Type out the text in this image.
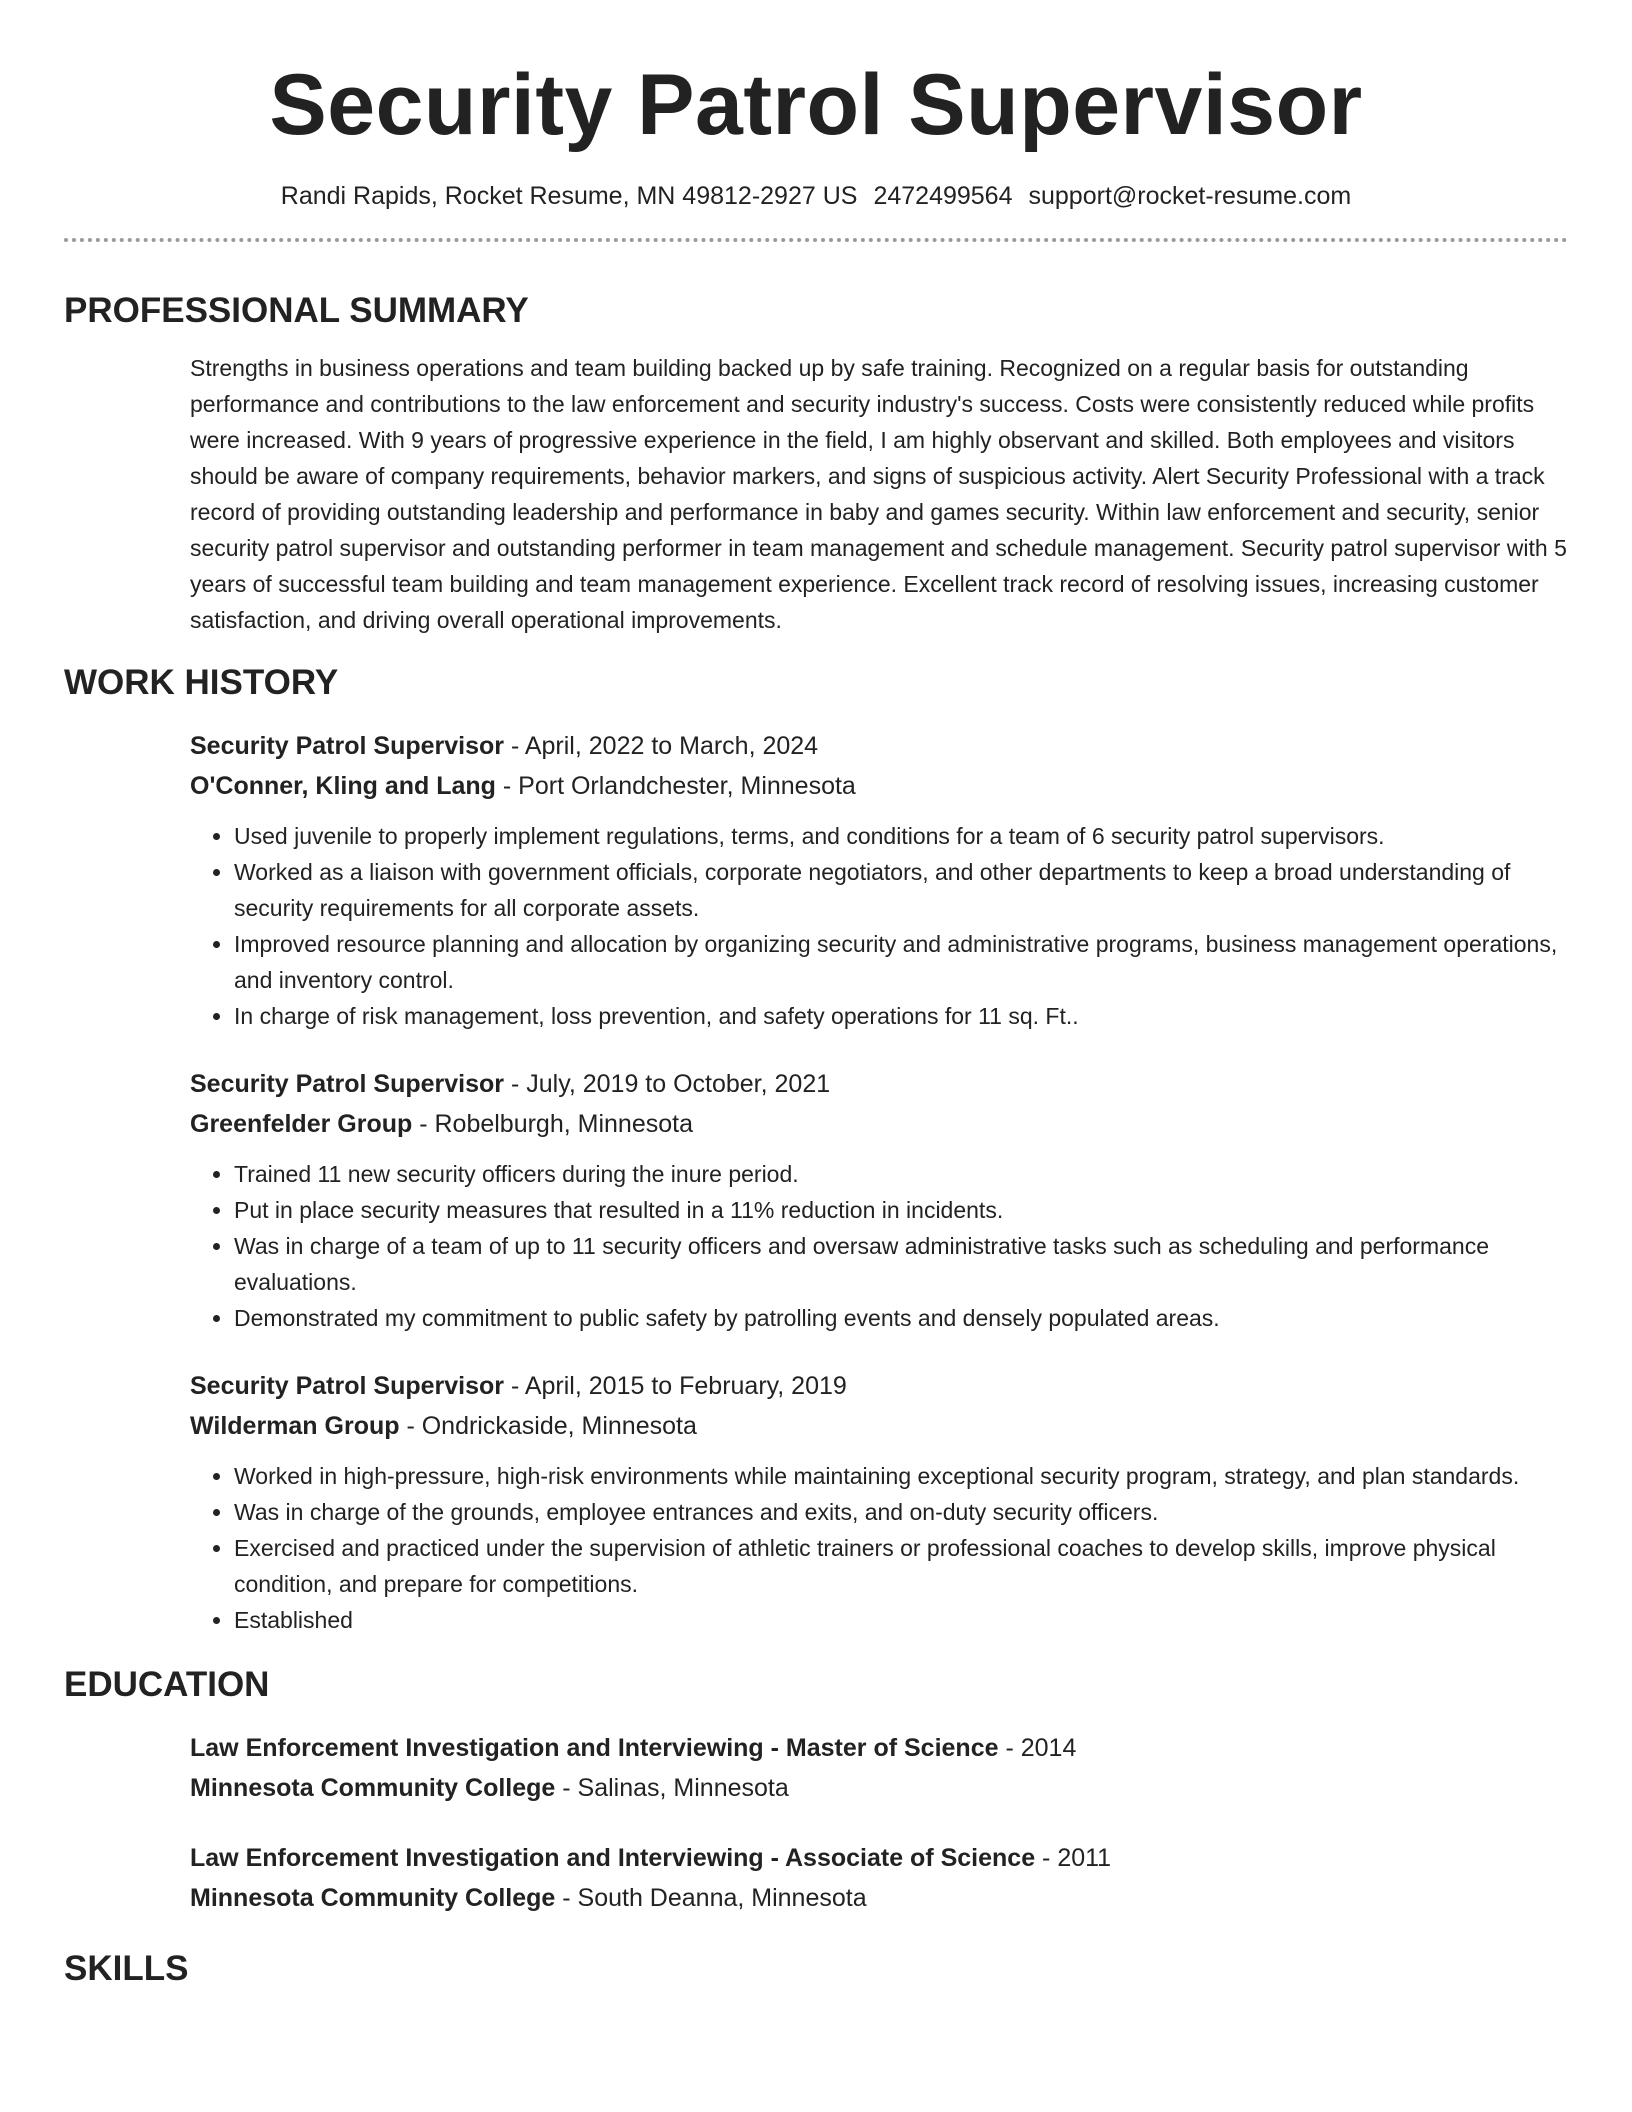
Security Patrol Supervisor
Randi Rapids, Rocket Resume, MN 49812-2927 US 2472499564 support@rocket-resume.com
PROFESSIONAL SUMMARY

Strengths in business operations and team building backed up by safe training. Recognized on a regular basis for outstanding performance and contributions to the law enforcement and security industry's success. Costs were consistently reduced while profits were increased. With 9 years of progressive experience in the field, I am highly observant and skilled. Both employees and visitors should be aware of company requirements, behavior markers, and signs of suspicious activity. Alert Security Professional with a track record of providing outstanding leadership and performance in baby and games security. Within law enforcement and security, senior security patrol supervisor and outstanding performer in team management and schedule management. Security patrol supervisor with 5 years of successful team building and team management experience. Excellent track record of resolving issues, increasing customer satisfaction, and driving overall operational improvements.

WORK HISTORY
Security Patrol Supervisor - April, 2022 to March, 2024
O'Conner, Kling and Lang - Port Orlandchester, Minnesota
• Used juvenile to properly implement regulations, terms, and conditions for a team of 6 security patrol supervisors.
• Worked as a liaison with government officials, corporate negotiators, and other departments to keep a broad understanding of security requirements for all corporate assets.
• Improved resource planning and allocation by organizing security and administrative programs, business management operations, and inventory control.
• In charge of risk management, loss prevention, and safety operations for 11 sq. Ft..
Security Patrol Supervisor - July, 2019 to October, 2021
Greenfelder Group - Robelburgh, Minnesota
• Trained 11 new security officers during the inure period.
• Put in place security measures that resulted in a 11% reduction in incidents.
• Was in charge of a team of up to 11 security officers and oversaw administrative tasks such as scheduling and performance evaluations.
• Demonstrated my commitment to public safety by patrolling events and densely populated areas.
Security Patrol Supervisor - April, 2015 to February, 2019
Wilderman Group - Ondrickaside, Minnesota
• Worked in high-pressure, high-risk environments while maintaining exceptional security program, strategy, and plan standards.
• Was in charge of the grounds, employee entrances and exits, and on-duty security officers.
• Exercised and practiced under the supervision of athletic trainers or professional coaches to develop skills, improve physical condition, and prepare for competitions.
• Established
EDUCATION
Law Enforcement Investigation and Interviewing - Master of Science - 2014
Minnesota Community College - Salinas, Minnesota
Law Enforcement Investigation and Interviewing - Associate of Science - 2011
Minnesota Community College - South Deanna, Minnesota
SKILLS
